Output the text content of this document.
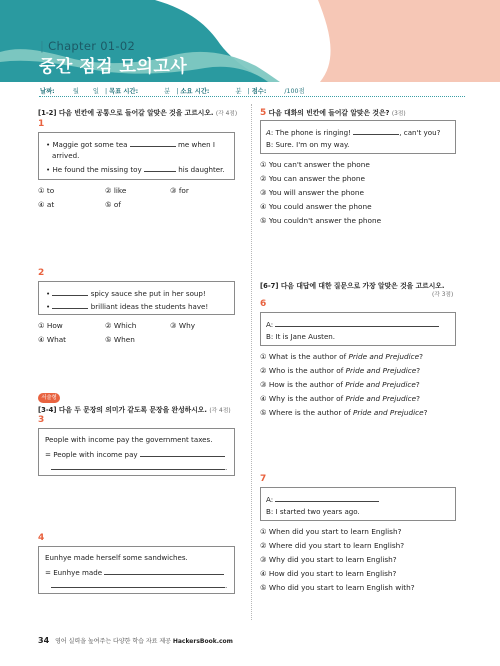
| Chapter 01-02
중간 점검 모의고사
날짜:	월 일 | 목표 시간:	분 | 소요 시간:	분 | 점수:	/100점
[1-2] 다음 빈칸에 공통으로 들어갈 알맞은 것을 고르시오. (각 4점)
1
• Maggie got some tea	me when I
arrived.
• He found the missing toy	his daughter.
① to	② like	③ for
④ at	⑤ of
2
•	spicy sauce she put in her soup!
•	brilliant ideas the students have!
① How	② Which	③ Why
④ What	⑤ When
서술형
[3-4] 다음 두 문장의 의미가 같도록 문장을 완성하시오. (각 4점)
3
People with income pay the government taxes.
= People with income pay
.
4
Eunhye made herself some sandwiches.
= Eunhye made
.
5 다음 대화의 빈칸에 들어갈 알맞은 것은? (3점)
A: The phone is ringing!	, can't you?
B: Sure. I'm on my way.
① You can't answer the phone
② You can answer the phone
③ You will answer the phone
④ You could answer the phone
⑤ You couldn't answer the phone
[6-7] 다음 대답에 대한 질문으로 가장 알맞은 것을 고르시오.
(각 3점)
6
A:
B: It is Jane Austen.
① What is the author of Pride and Prejudice?
② Who is the author of Pride and Prejudice?
③ How is the author of Pride and Prejudice?
④ Why is the author of Pride and Prejudice?
⑤ Where is the author of Pride and Prejudice?
7
A:
B: I started two years ago.
① When did you start to learn English?
② Where did you start to learn English?
③ Why did you start to learn English?
④ How did you start to learn English?
⑤ Who did you start to learn English with?
34 영어 실력을 높여주는 다양한 학습 자료 제공 HackersBook.com
